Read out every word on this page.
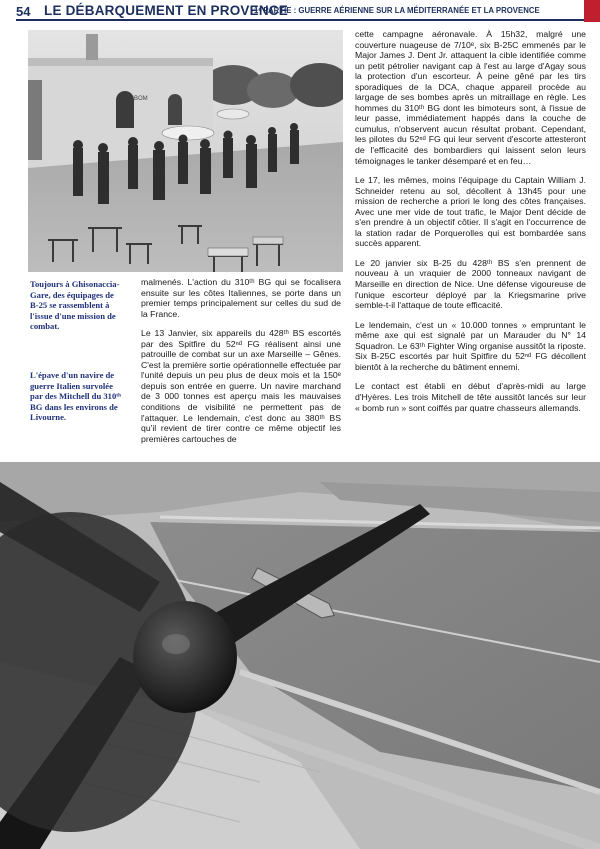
54 LE DÉBARQUEMENT EN PROVENCE
1ᵉ PARTIE : GUERRE AÉRIENNE SUR LA MÉDITERRANÉE ET LA PROVENCE
BOM
Toujours à Ghisonaccia-Gare, des équipages de B-25 se rassemblent à l'issue d'une mission de combat.
L'épave d'un navire de guerre Italien survolée par des Mitchell du 310ᵗʰ BG dans les environs de Livourne.

malmenés. L'action du 310ᵗʰ BG qui se focalisera ensuite sur les côtes Italiennes, se porte dans un premier temps principalement sur celles du sud de la France.

Le 13 Janvier, six appareils du 428ᵗʰ BS escortés par des Spitfire du 52ⁿᵈ FG réalisent ainsi une patrouille de combat sur un axe Marseille – Gênes. C'est la première sortie opérationnelle effectuée par l'unité depuis un peu plus de deux mois et la 150ᵉ depuis son entrée en guerre. Un navire marchand de 3 000 tonnes est aperçu mais les mauvaises conditions de visibilité ne permettent pas de l'attaquer. Le lendemain, c'est donc au 380ᵗʰ BS qu'il revient de tirer contre ce même objectif les premières cartouches de

cette campagne aéronavale. À 15h32, malgré une couverture nuageuse de 7/10ᵉ, six B-25C emmenés par le Major James J. Dent Jr. attaquent la cible identifiée comme un petit pétrolier navigant cap à l'est au large d'Agay sous la protection d'un escorteur. À peine gêné par les tirs sporadiques de la DCA, chaque appareil procède au largage de ses bombes après un mitraillage en règle. Les hommes du 310ᵗʰ BG dont les bimoteurs sont, à l'issue de leur passe, immédiatement happés dans la couche de cumulus, n'observent aucun résultat probant. Cependant, les pilotes du 52ⁿᵈ FG qui leur servent d'escorte attesteront de l'efficacité des bombardiers qui laissent selon leurs témoignages le tanker désemparé et en feu…

Le 17, les mêmes, moins l'équipage du Captain William J. Schneider retenu au sol, décollent à 13h45 pour une mission de recherche a priori le long des côtes françaises. Avec une mer vide de tout trafic, le Major Dent décide de s'en prendre à un objectif côtier. Il s'agit en l'occurrence de la station radar de Porquerolles qui est bombardée sans succès apparent.

Le 20 janvier six B-25 du 428ᵗʰ BS s'en prennent de nouveau à un vraquier de 2000 tonneaux navigant de Marseille en direction de Nice. Une défense vigoureuse de l'unique escorteur déployé par la Kriegsmarine prive semble-t-il l'attaque de toute efficacité.

Le lendemain, c'est un « 10.000 tonnes » empruntant le même axe qui est signalé par un Marauder du N° 14 Squadron. Le 63ᵗʰ Fighter Wing organise aussitôt la riposte. Six B-25C escortés par huit Spitfire du 52ⁿᵈ FG décollent bientôt à la recherche du bâtiment ennemi.

Le contact est établi en début d'après-midi au large d'Hyères. Les trois Mitchell de tête aussitôt lancés sur leur « bomb run » sont coiffés par quatre chasseurs allemands.
